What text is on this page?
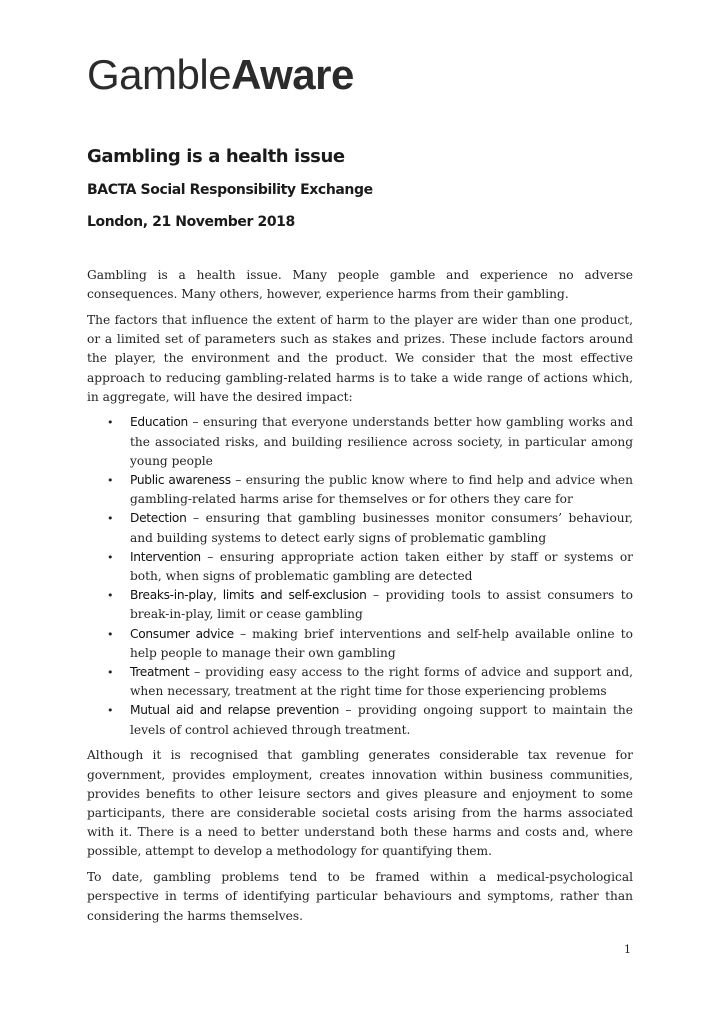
GambleAware
Gambling is a health issue
BACTA Social Responsibility Exchange
London, 21 November 2018

Gambling is a health issue. Many people gamble and experience no adverse consequences. Many others, however, experience harms from their gambling.

The factors that influence the extent of harm to the player are wider than one product, or a limited set of parameters such as stakes and prizes. These include factors around the player, the environment and the product. We consider that the most effective approach to reducing gambling-related harms is to take a wide range of actions which, in aggregate, will have the desired impact:

• Education – ensuring that everyone understands better how gambling works and the associated risks, and building resilience across society, in particular among young people
• Public awareness – ensuring the public know where to find help and advice when gambling-related harms arise for themselves or for others they care for
• Detection – ensuring that gambling businesses monitor consumers’ behaviour, and building systems to detect early signs of problematic gambling
• Intervention – ensuring appropriate action taken either by staff or systems or both, when signs of problematic gambling are detected
• Breaks-in-play, limits and self-exclusion – providing tools to assist consumers to break-in-play, limit or cease gambling
• Consumer advice – making brief interventions and self-help available online to help people to manage their own gambling
• Treatment – providing easy access to the right forms of advice and support and, when necessary, treatment at the right time for those experiencing problems
• Mutual aid and relapse prevention – providing ongoing support to maintain the levels of control achieved through treatment.

Although it is recognised that gambling generates considerable tax revenue for government, provides employment, creates innovation within business communities, provides benefits to other leisure sectors and gives pleasure and enjoyment to some participants, there are considerable societal costs arising from the harms associated with it. There is a need to better understand both these harms and costs and, where possible, attempt to develop a methodology for quantifying them.

To date, gambling problems tend to be framed within a medical-psychological perspective in terms of identifying particular behaviours and symptoms, rather than considering the harms themselves.

1
